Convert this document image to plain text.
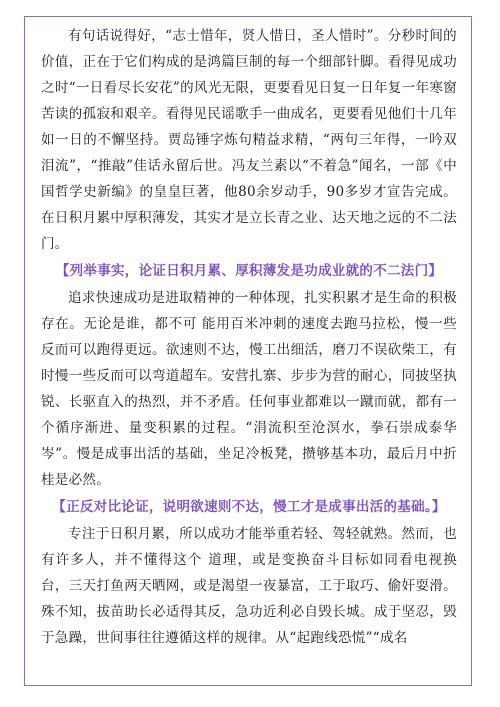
有句话说得好，“志士惜年，贤人惜日，圣人惜时”。分秒时间的价值，正在于它们构成的是鸿篇巨制的每一个细部针脚。看得见成功之时“一日看尽长安花”的风光无限，更要看见日复一日年复一年寒窗苦读的孤寂和艰辛。看得见民谣歌手一曲成名，更要看见他们十几年如一日的不懈坚持。贾岛锤字炼句精益求精，“两句三年得，一吟双泪流”，“推敲”佳话永留后世。冯友兰素以“不着急”闻名，一部《中国哲学史新编》的皇皇巨著，他80余岁动手，90多岁才宣告完成。在日积月累中厚积薄发，其实才是立长青之业、达天地之远的不二法门。

【列举事实，论证日积月累、厚积薄发是功成业就的不二法门】

追求快速成功是进取精神的一种体现，扎实积累才是生命的积极存在。无论是谁，都不可 能用百米冲刺的速度去跑马拉松，慢一些反而可以跑得更远。欲速则不达，慢工出细活，磨刀不误砍柴工，有时慢一些反而可以弯道超车。安营扎寨、步步为营的耐心，同披坚执锐、长驱直入的热烈，并不矛盾。任何事业都难以一蹴而就，都有一个循序渐进、量变积累的过程。“涓流积至沧溟水，拳石崇成泰华岑”。慢是成事出活的基础，坐足冷板凳，攒够基本功，最后月中折桂是必然。

【正反对比论证，说明欲速则不达，慢工才是成事出活的基础。】

专注于日积月累，所以成功才能举重若轻、驾轻就熟。然而，也有许多人，并不懂得这个 道理，或是变换奋斗目标如同看电视换台，三天打鱼两天晒网，或是渴望一夜暴富，工于取巧、偷奸耍滑。殊不知，拔苗助长必适得其反，急功近利必自毁长城。成于坚忍，毁于急躁，世间事往往遵循这样的规律。从“起跑线恐慌”“成名
